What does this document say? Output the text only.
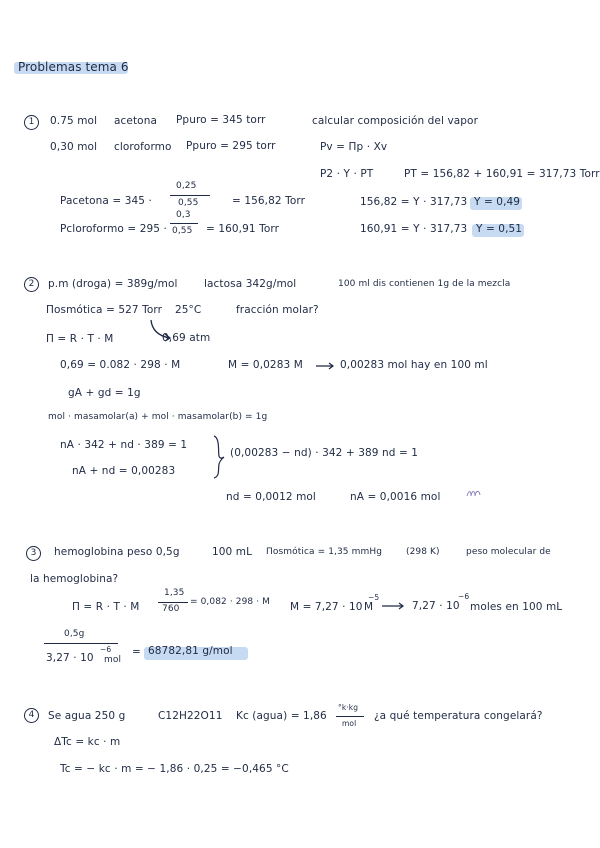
Problemas tema 6
1	0.75 mol acetona Ppuro = 345 torr	calcular composición del vapor
0,30 mol cloroformo Ppuro = 295 torr	Pv = Πp · Xv
P2 · Y · PT	PT = 156,82 + 160,91 = 317,73 Torr
Pacetona = 345 ·
0,25
0,55	= 156,82 Torr	156,82 = Y · 317,73 Y = 0,49
Pcloroformo = 295 ·
0,3
0,55 = 160,91 Torr	160,91 = Y · 317,73 Y = 0,51
2	p.m (droga) = 389g/mol	lactosa 342g/mol	100 ml dis contienen 1g de la mezcla
Πosmótica = 527 Torr 25°C	fracción molar?
Π = R · T · M	0,69 atm
0,69 = 0.082 · 298 · M	M = 0,0283 M	0,00283 mol hay en 100 ml
gA + gd = 1g
mol · masamolar(a) + mol · masamolar(b) = 1g
nA · 342 + nd · 389 = 1
nA + nd = 0,00283
(0,00283 − nd) · 342 + 389 nd = 1
nd = 0,0012 mol	nA = 0,0016 mol
3	hemoglobina peso 0,5g	100 mL Πosmótica = 1,35 mmHg	(298 K)	peso molecular de
la hemoglobina?
Π = R · T · M
1,35
760
= 0,082 · 298 · M M = 7,27 · 10
−5
M	7,27 · 10
−6
moles en 100 mL
0,5g
3,27 · 10
−6
mol
= 68782,81 g/mol
4	Se agua 250 g	C12H22O11 Kc (agua) = 1,86
°k·kg
mol
¿a qué temperatura congelará?
ΔTc = kc · m
Tc = − kc · m = − 1,86 · 0,25 = −0,465 °C
